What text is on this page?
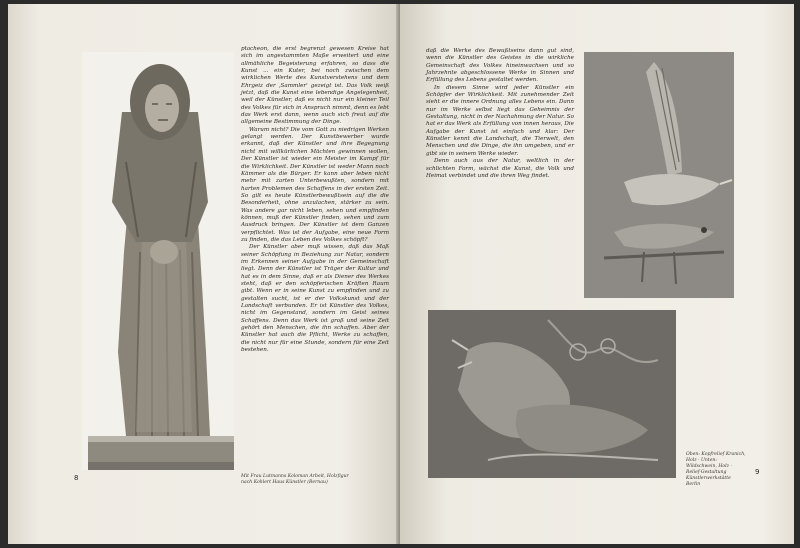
ptacheon, die erst begrenzt gewesen Kreise hat sich im angestammten Maße erweitert und eine allmähliche Begeisterung erfahren, so dass die Kunst ... ein Kuter, bei noch zwischen dem wirklichen Werte des Kunstverstehens und dem Ehrgeiz der ,Sammler' gezeigt ist. Das Volk weiß jetzt, daß die Kunst eine lebendige Angelegenheit, weil der Künstler, daß es nicht nur ein kleiner Teil des Volkes für sich in Anspruch nimmt, denn es lebt das Werk erst dann, wenn auch sich freut auf die allgemeine Bestimmung der Dinge.

Warum nicht? Die vom Gott zu niedrigen Werken gelangt werden. Der Kunstbewerber wurde erkannt, daß der Künstler und ihre Begegnung nicht mit willkürlichen Mächten gewinnen wollen, Der Künstler ist wieder ein Meister im Kampf für die Wirklichkeit. Der Künstler ist weder Mann noch Kämmer als die Bürger. Er kann aber leben nicht mehr mit zarten Unterbewußten, sondern mit harten Problemen des Schaffens in der ersten Zeit. So gilt es heute Künstlerbewußtsein auf die die Besonderheit, ohne anzulachen, stärker zu sein. Was andere gar nicht leben, sehen und empfinden können, muß der Künstler finden, sehen und zum Ausdruck bringen. Der Künstler ist dem Ganzen verpflichtet. Was ist der Aufgabe, eine neue Form zu finden, die das Leben des Volkes schöpft?

Der Künstler aber muß wissen, daß das Maß seiner Schöpfung in Beziehung zur Natur, sondern im Erkennen seiner Aufgabe in der Gemeinschaft liegt. Denn der Künstler ist Träger der Kultur und hat es in dem Sinne, daß er als Diener des Werkes steht, daß er den schöpferischen Kräften Raum gibt. Wenn er in seine Kunst zu empfinden und zu gestalten sucht, ist er der Volkskunst und der Landschaft verbunden. Er ist Künstler des Volkes, nicht im Gegenstand, sondern im Geist seines Schaffens. Denn das Werk ist groß und seine Zeit gehört den Menschen, die ihn schaffen. Aber der Künstler hat auch die Pflicht, Werke zu schaffen, die nicht nur für eine Stunde, sondern für eine Zeit bestehen.

Mit Frau Lutmanns Koloman Arbeit, Holzfigur nach Kohlert Haus Künstler (Bernau)
8

daß die Werke des Bewußtseins dann gut sind, wenn die Künstler des Geistes in die wirkliche Gemeinschaft des Volkes hineinwachsen und so Jahrzehnte abgeschlossene Werke in Sinnen und Erfüllung des Lebens gestaltet werden.

In diesem Sinne wird jeder Künstler ein Schöpfer der Wirklichkeit. Mit zunehmender Zeit sieht er die innere Ordnung alles Lebens ein. Dann nur im Werke selbst liegt das Geheimnis der Gestaltung, nicht in der Nachahmung der Natur. So hat er das Werk als Erfüllung von innen heraus, Die Aufgabe der Kunst ist einfach und klar: Der Künstler kennt die Landschaft, die Tierwelt, den Menschen und die Dinge, die ihn umgeben, und er gibt sie in seinem Werke wieder.

Denn auch aus der Natur, weltlich in der schlichten Form, wächst die Kunst, die Volk und Heimat verbindet und die ihren Weg findet.

Oben: Kopfrelief Kranich, Holz · Unten: Wildschwein, Holz · Relief-Gestaltung Künstlerwerkstätte Berlin
9
